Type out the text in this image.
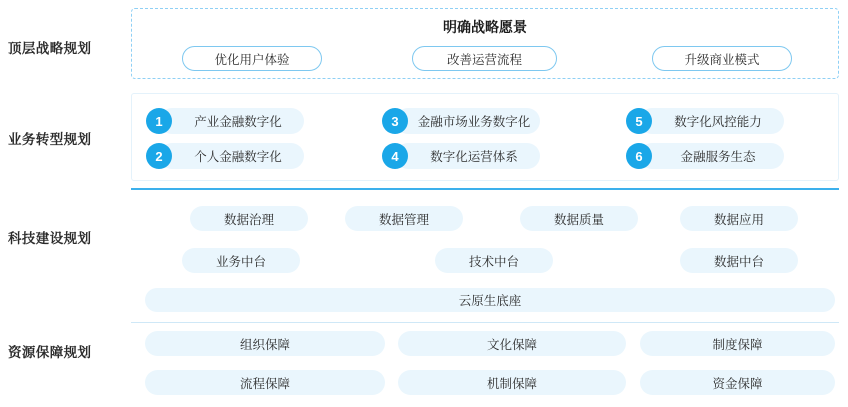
顶层战略规划
业务转型规划
科技建设规划
资源保障规划
明确战略愿景
优化用户体验	改善运营流程	升级商业模式
1	产业金融数字化
2	个人金融数字化
3	金融市场业务数字化
4	数字化运营体系
5	数字化风控能力
6	金融服务生态
数据治理	数据管理	数据质量	数据应用
业务中台	技术中台	数据中台
云原生底座
组织保障	文化保障	制度保障
流程保障	机制保障	资金保障
